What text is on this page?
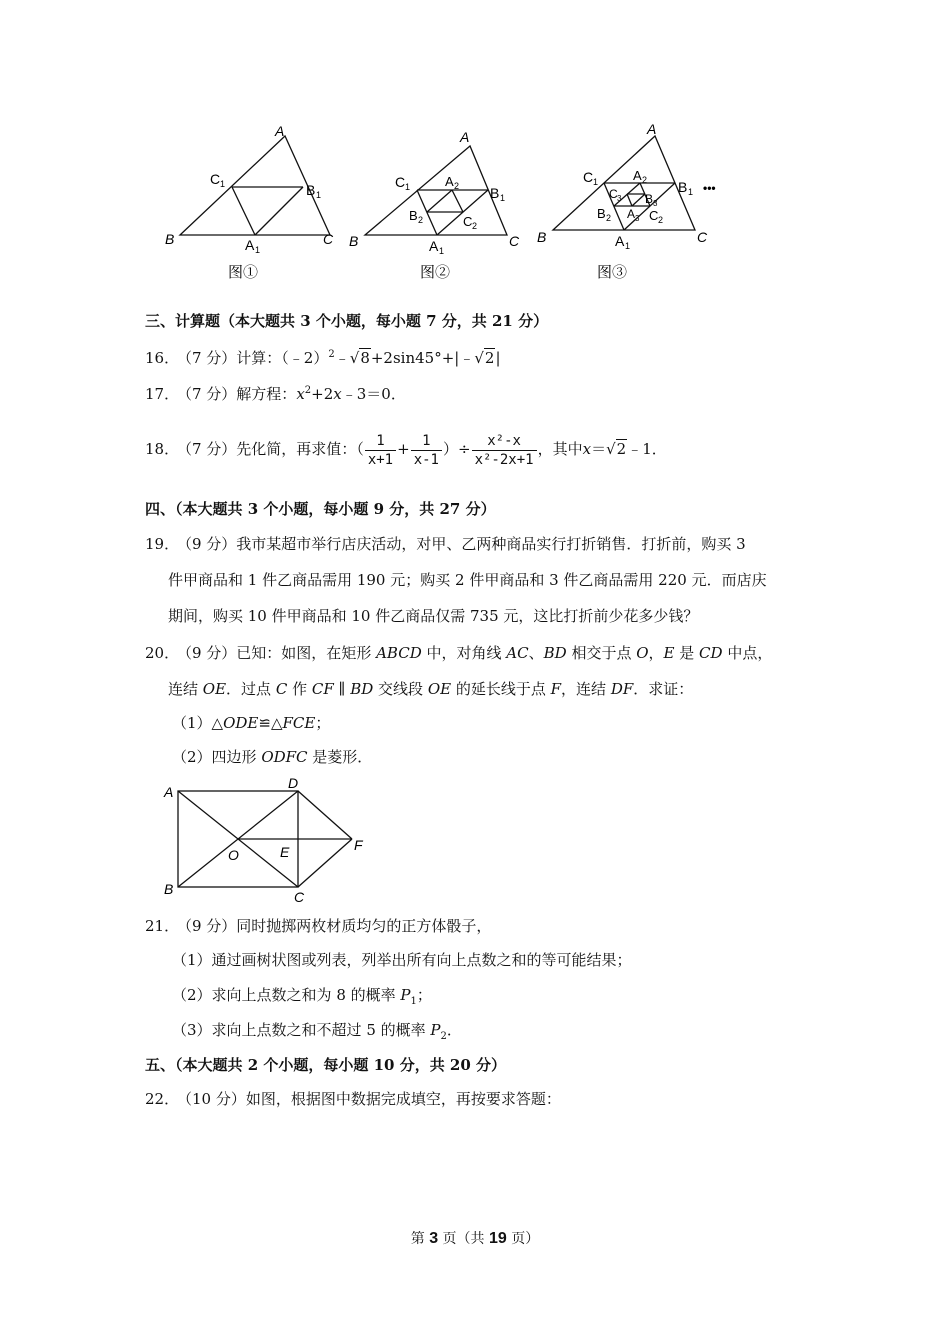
A
B	C
C 1	B 1
A 1
图①
A
B	C
C 1	B 1
A 1
A 2
B 2	C 2
图②
A
B	C
C 1	B 1 •••
A 1
A 2
B 2	C 2
C 3 B 3
A 3
图③
三、计算题（本大题共 3 个小题，每小题 7 分，共 21 分）
16．（7 分）计算：（﹣2）$^2$﹣√8+2sin45°+|﹣√2|
17．（7 分）解方程：$x^2+2x﹣3=0$．
18．（7 分）先化简，再求值：（ $\frac{1}{x+1} + \frac{1}{x-1}$ ）÷ $\frac{\text{x²-x}}{\text{x²-2x+1}}$ ，其中x＝√2﹣1．
四、（本大题共 3 个小题，每小题 9 分，共 27 分）
19．（9 分）我市某超市举行店庆活动，对甲、乙两种商品实行打折销售．打折前，购买 3
件甲商品和 1 件乙商品需用 190 元；购买 2 件甲商品和 3 件乙商品需用 220 元．而店庆
期间，购买 10 件甲商品和 10 件乙商品仅需 735 元，这比打折前少花多少钱？
20．（9 分）已知：如图，在矩形 ABCD 中，对角线 AC、BD 相交于点 O，E 是 CD 中点，
连结 OE．过点 C 作 CF ∥ BD 交线段 OE 的延长线于点 F，连结 DF．求证：
（1）△ODE≌△FCE；
（2）四边形 ODFC 是菱形．
A
B	C
D
O	E	F
21．（9 分）同时抛掷两枚材质均匀的正方体骰子，
（1）通过画树状图或列表，列举出所有向上点数之和的等可能结果；
（2）求向上点数之和为 8 的概率 $P_1$；
（3）求向上点数之和不超过 5 的概率 $P_2$．
五、（本大题共 2 个小题，每小题 10 分，共 20 分）
22．（10 分）如图，根据图中数据完成填空，再按要求答题：
第 3 页（共 19 页）
